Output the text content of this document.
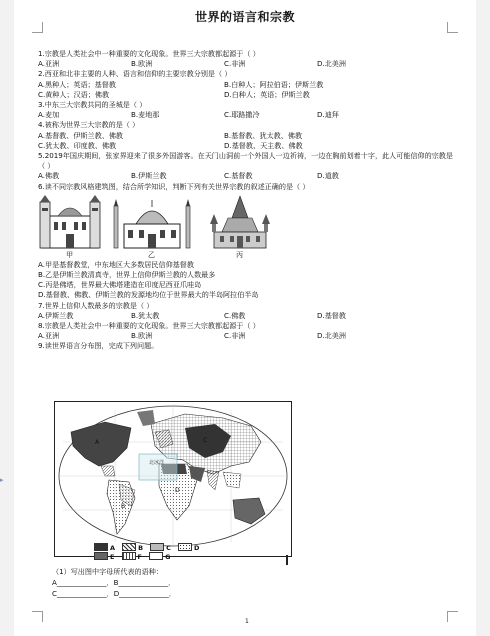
世界的语言和宗教
1.宗教是人类社会中一种重要的文化现象。世界三大宗教都起源于（ ）
A.亚洲	B.欧洲	C.非洲	D.北美洲
2.西亚和北非主要的人种、语言和信仰的主要宗教分别是（ ）
A.黑种人；英语；基督教	B.白种人；阿拉伯语；伊斯兰教
C.黄种人；汉语；佛教	D.白种人；英语；伊斯兰教
3.中东三大宗教共同的圣城是（ ）
A.麦加	B.麦地那	C.耶路撒冷	D.迪拜
4.被称为世界三大宗教的是（ ）
A.基督教、伊斯兰教、佛教	B.基督教、犹太教、佛教
C.犹太教、印度教、佛教	D.基督教、天主教、佛教
5.2019年国庆期间，张家界迎来了很多外国游客。在天门山洞前一个外国人一边祈祷，一边在胸前划着十字，此人可能信仰的宗教是（ ）
A.佛教	B.伊斯兰教	C.基督教	D.道教
6.读不同宗教风格建筑图，结合所学知识，判断下列有关世界宗教的叙述正确的是（ ）
甲	乙	丙
A.甲是基督教堂，中东地区大多数居民信仰基督教
B.乙是伊斯兰教清真寺，世界上信仰伊斯兰教的人数最多
C.丙是佛塔，世界最大佛塔建造在印度尼西亚爪哇岛
D.基督教、佛教、伊斯兰教的发源地均位于世界最大的半岛阿拉伯半岛
7.世界上信仰人数最多的宗教是（ ）
A.伊斯兰教	B.犹太教	C.佛教	D.基督教
8.宗教是人类社会中一种重要的文化现象。世界三大宗教都起源于（ ）
A.亚洲	B.欧洲	C.非洲	D.北美洲
9.读世界语言分布图，完成下列问题。
北冰洋
A
B
C
D
A	B	C	D
E	F	G
（1）写出图中字母所代表的语种：
A______________．B______________．
C______________．D______________．
1
▸
